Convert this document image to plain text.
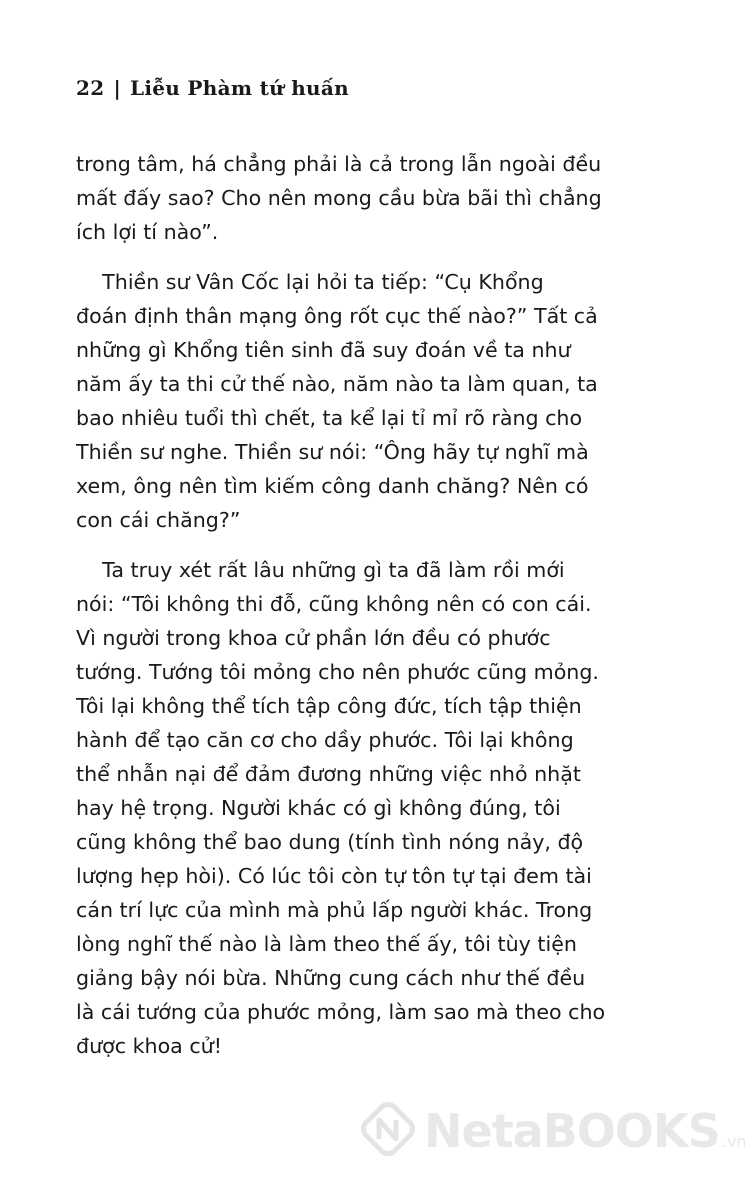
22 | Liễu Phàm tứ huấn
trong tâm, há chẳng phải là cả trong lẫn ngoài đều
mất đấy sao? Cho nên mong cầu bừa bãi thì chẳng
ích lợi tí nào”.
Thiền sư Vân Cốc lại hỏi ta tiếp: “Cụ Khổng
đoán định thân mạng ông rốt cục thế nào?” Tất cả
những gì Khổng tiên sinh đã suy đoán về ta như
năm ấy ta thi cử thế nào, năm nào ta làm quan, ta
bao nhiêu tuổi thì chết, ta kể lại tỉ mỉ rõ ràng cho
Thiền sư nghe. Thiền sư nói: “Ông hãy tự nghĩ mà
xem, ông nên tìm kiếm công danh chăng? Nên có
con cái chăng?”
Ta truy xét rất lâu những gì ta đã làm rồi mới
nói: “Tôi không thi đỗ, cũng không nên có con cái.
Vì người trong khoa cử phần lớn đều có phước
tướng. Tướng tôi mỏng cho nên phước cũng mỏng.
Tôi lại không thể tích tập công đức, tích tập thiện
hành để tạo căn cơ cho dầy phước. Tôi lại không
thể nhẫn nại để đảm đương những việc nhỏ nhặt
hay hệ trọng. Người khác có gì không đúng, tôi
cũng không thể bao dung (tính tình nóng nảy, độ
lượng hẹp hòi). Có lúc tôi còn tự tôn tự tại đem tài
cán trí lực của mình mà phủ lấp người khác. Trong
lòng nghĩ thế nào là làm theo thế ấy, tôi tùy tiện
giảng bậy nói bừa. Những cung cách như thế đều
là cái tướng của phước mỏng, làm sao mà theo cho
được khoa cử!
NetaBOOKS .vn
